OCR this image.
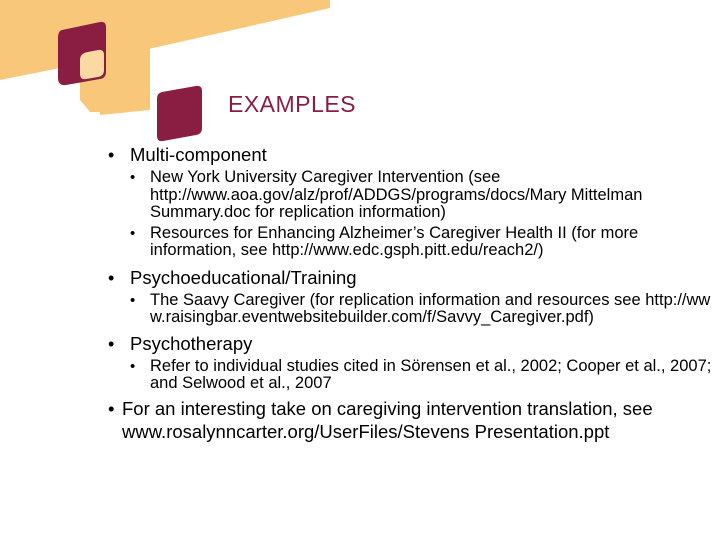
EXAMPLES
• Multi-component
• New York University Caregiver Intervention (see http://www.aoa.gov/alz/prof/ADDGS/programs/docs/Mary Mittelman Summary.doc for replication information)
• Resources for Enhancing Alzheimer’s Caregiver Health II (for more information, see http://www.edc.gsph.pitt.edu/reach2/)
• Psychoeducational/Training
• The Saavy Caregiver (for replication information and resources see http://www.raisingbar.eventwebsitebuilder.com/f/Savvy_Caregiver.pdf)
• Psychotherapy
• Refer to individual studies cited in Sörensen et al., 2002; Cooper et al., 2007; and Selwood et al., 2007
• For an interesting take on caregiving intervention translation, see www.rosalynncarter.org/UserFiles/Stevens Presentation.ppt
